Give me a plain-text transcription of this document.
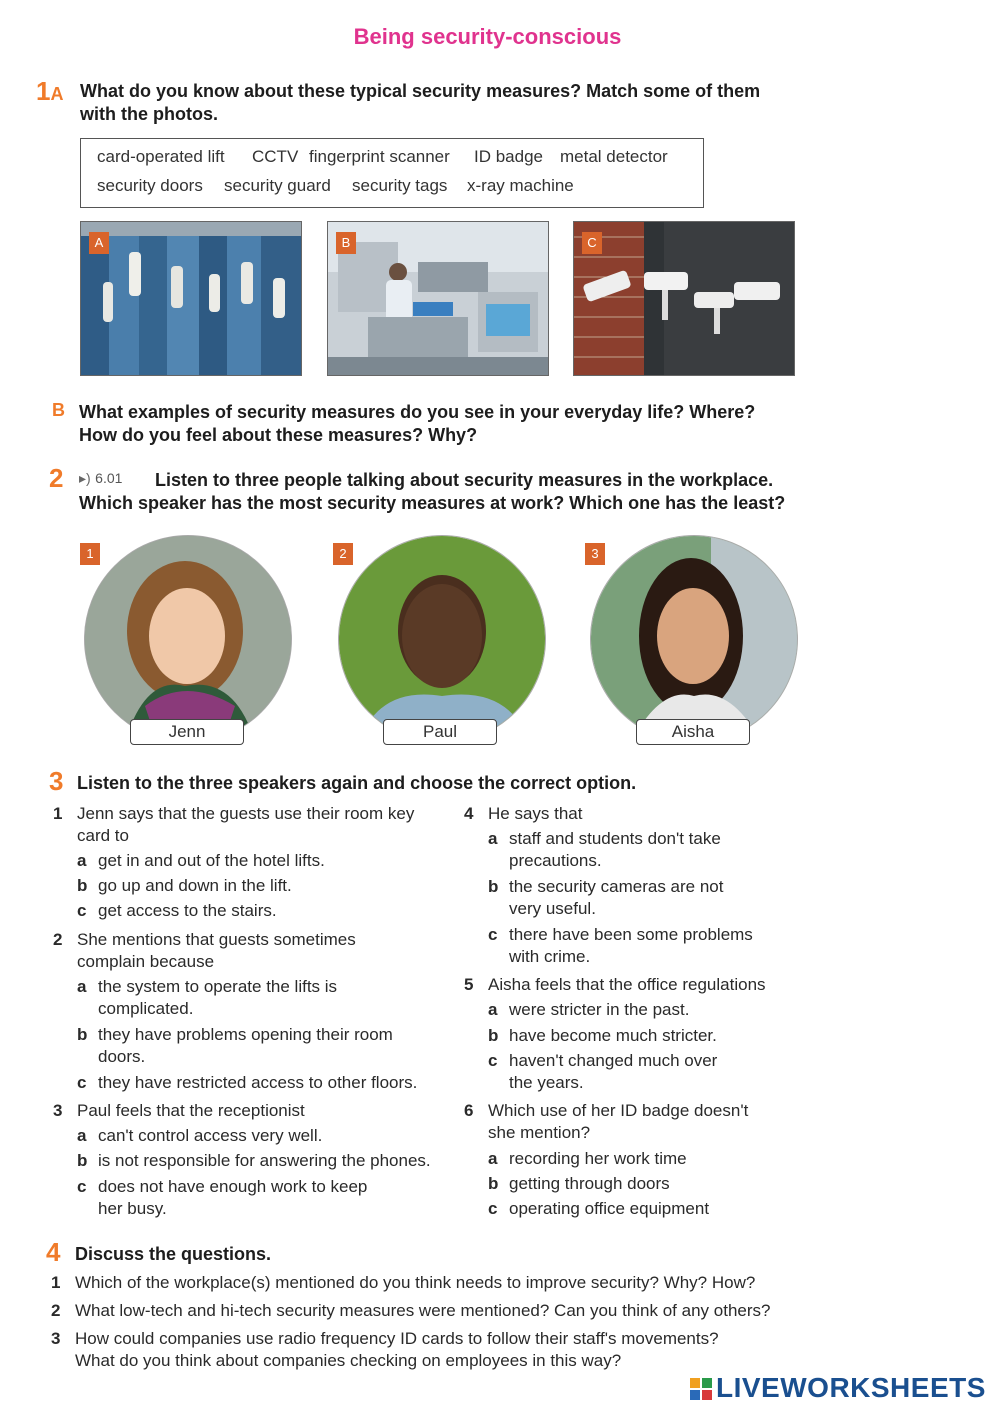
Being security-conscious
1A What do you know about these typical security measures? Match some of them
with the photos.
card-operated lift CCTV fingerprint scanner ID badge metal detector
security doors security guard security tags x-ray machine
A	B	C
B What examples of security measures do you see in your everyday life? Where?
How do you feel about these measures? Why?
2 ▸) 6.01	Listen to three people talking about security measures in the workplace.
Which speaker has the most security measures at work? Which one has the least?
1
Jenn
2
Paul
3
Aisha
3 Listen to the three speakers again and choose the correct option.
1 Jenn says that the guests use their room key
card to
a get in and out of the hotel lifts.
b go up and down in the lift.
c get access to the stairs.
2 She mentions that guests sometimes
complain because
a the system to operate the lifts is
complicated.
b they have problems opening their room
doors.
c they have restricted access to other floors.
3 Paul feels that the receptionist
a can't control access very well.
b is not responsible for answering the phones.
c does not have enough work to keep
her busy.
4 He says that
a staff and students don't take
precautions.
b the security cameras are not
very useful.
c there have been some problems
with crime.
5 Aisha feels that the office regulations
a were stricter in the past.
b have become much stricter.
c haven't changed much over
the years.
6 Which use of her ID badge doesn't
she mention?
a recording her work time
b getting through doors
c operating office equipment
4 Discuss the questions.
1 Which of the workplace(s) mentioned do you think needs to improve security? Why? How?
2 What low-tech and hi-tech security measures were mentioned? Can you think of any others?
3 How could companies use radio frequency ID cards to follow their staff's movements?
What do you think about companies checking on employees in this way?
LIVEWORKSHEETS
